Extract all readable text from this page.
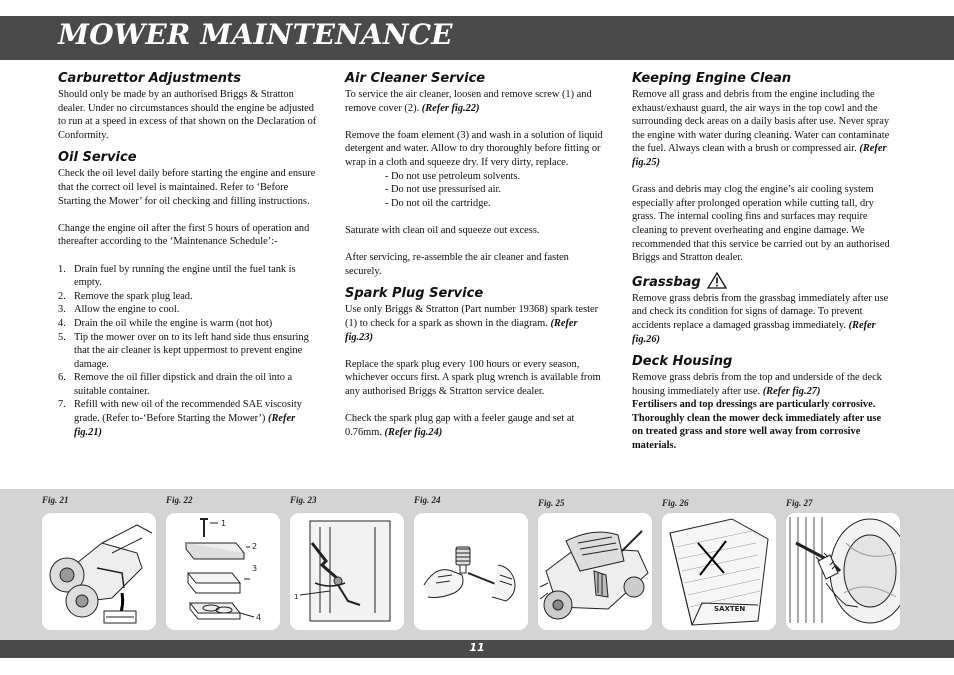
MOWER MAINTENANCE
Carburettor Adjustments

Should only be made by an authorised Briggs & Stratton dealer. Under no circumstances should the engine be adjusted to run at a speed in excess of that shown on the Declaration of Conformity.

Oil Service

Check the oil level daily before starting the engine and ensure that the correct oil level is maintained. Refer to ‘Before Starting the Mower’ for oil checking and filling instructions.

Change the engine oil after the first 5 hours of operation and thereafter according to the ‘Maintenance Schedule’:-

1. Drain fuel by running the engine until the fuel tank is empty.
2. Remove the spark plug lead.
3. Allow the engine to cool.
4. Drain the oil while the engine is warm (not hot)
5. Tip the mower over on to its left hand side thus ensuring that the air cleaner is kept uppermost to prevent engine damage.
6. Remove the oil filler dipstick and drain the oil into a suitable container.
7. Refill with new oil of the recommended SAE viscosity grade. (Refer to-‘Before Starting the Mower’) (Refer fig.21)
Air Cleaner Service

To service the air cleaner, loosen and remove screw (1) and remove cover (2). (Refer fig.22)

Remove the foam element (3) and wash in a solution of liquid detergent and water. Allow to dry thoroughly before fitting or wrap in a cloth and squeeze dry. If very dirty, replace.

- Do not use petroleum solvents.
- Do not use pressurised air.
- Do not oil the cartridge.

Saturate with clean oil and squeeze out excess.

After servicing, re-assemble the air cleaner and fasten securely.

Spark Plug Service

Use only Briggs & Stratton (Part number 19368) spark tester (1) to check for a spark as shown in the diagram. (Refer fig.23)

Replace the spark plug every 100 hours or every season, whichever occurs first. A spark plug wrench is available from any authorised Briggs & Stratton service dealer.

Check the spark plug gap with a feeler gauge and set at 0.76mm. (Refer fig.24)

Keeping Engine Clean

Remove all grass and debris from the engine including the exhaust/exhaust guard, the air ways in the top cowl and the surrounding deck areas on a daily basis after use. Never spray the engine with water during cleaning. Water can contaminate the fuel. Always clean with a brush or compressed air. (Refer fig.25)

Grass and debris may clog the engine’s air cooling system especially after prolonged operation while cutting tall, dry grass. The internal cooling fins and surfaces may require cleaning to prevent overheating and engine damage. We recommended that this service be carried out by an authorised Briggs and Stratton dealer.

Grassbag

Remove grass debris from the grassbag immediately after use and check its condition for signs of damage. To prevent accidents replace a damaged grassbag immediately. (Refer fig.26)

Deck Housing

Remove grass debris from the top and underside of the deck housing immediately after use. (Refer fig.27)

Fertilisers and top dressings are particularly corrosive. Thoroughly clean the mower deck immediately after use on treated grass and store well away from corrosive materials.

Fig. 21	Fig. 22	Fig. 23	Fig. 24	Fig. 25	Fig. 26	Fig. 27
1
2
3
4
1
SAXTEN
11
